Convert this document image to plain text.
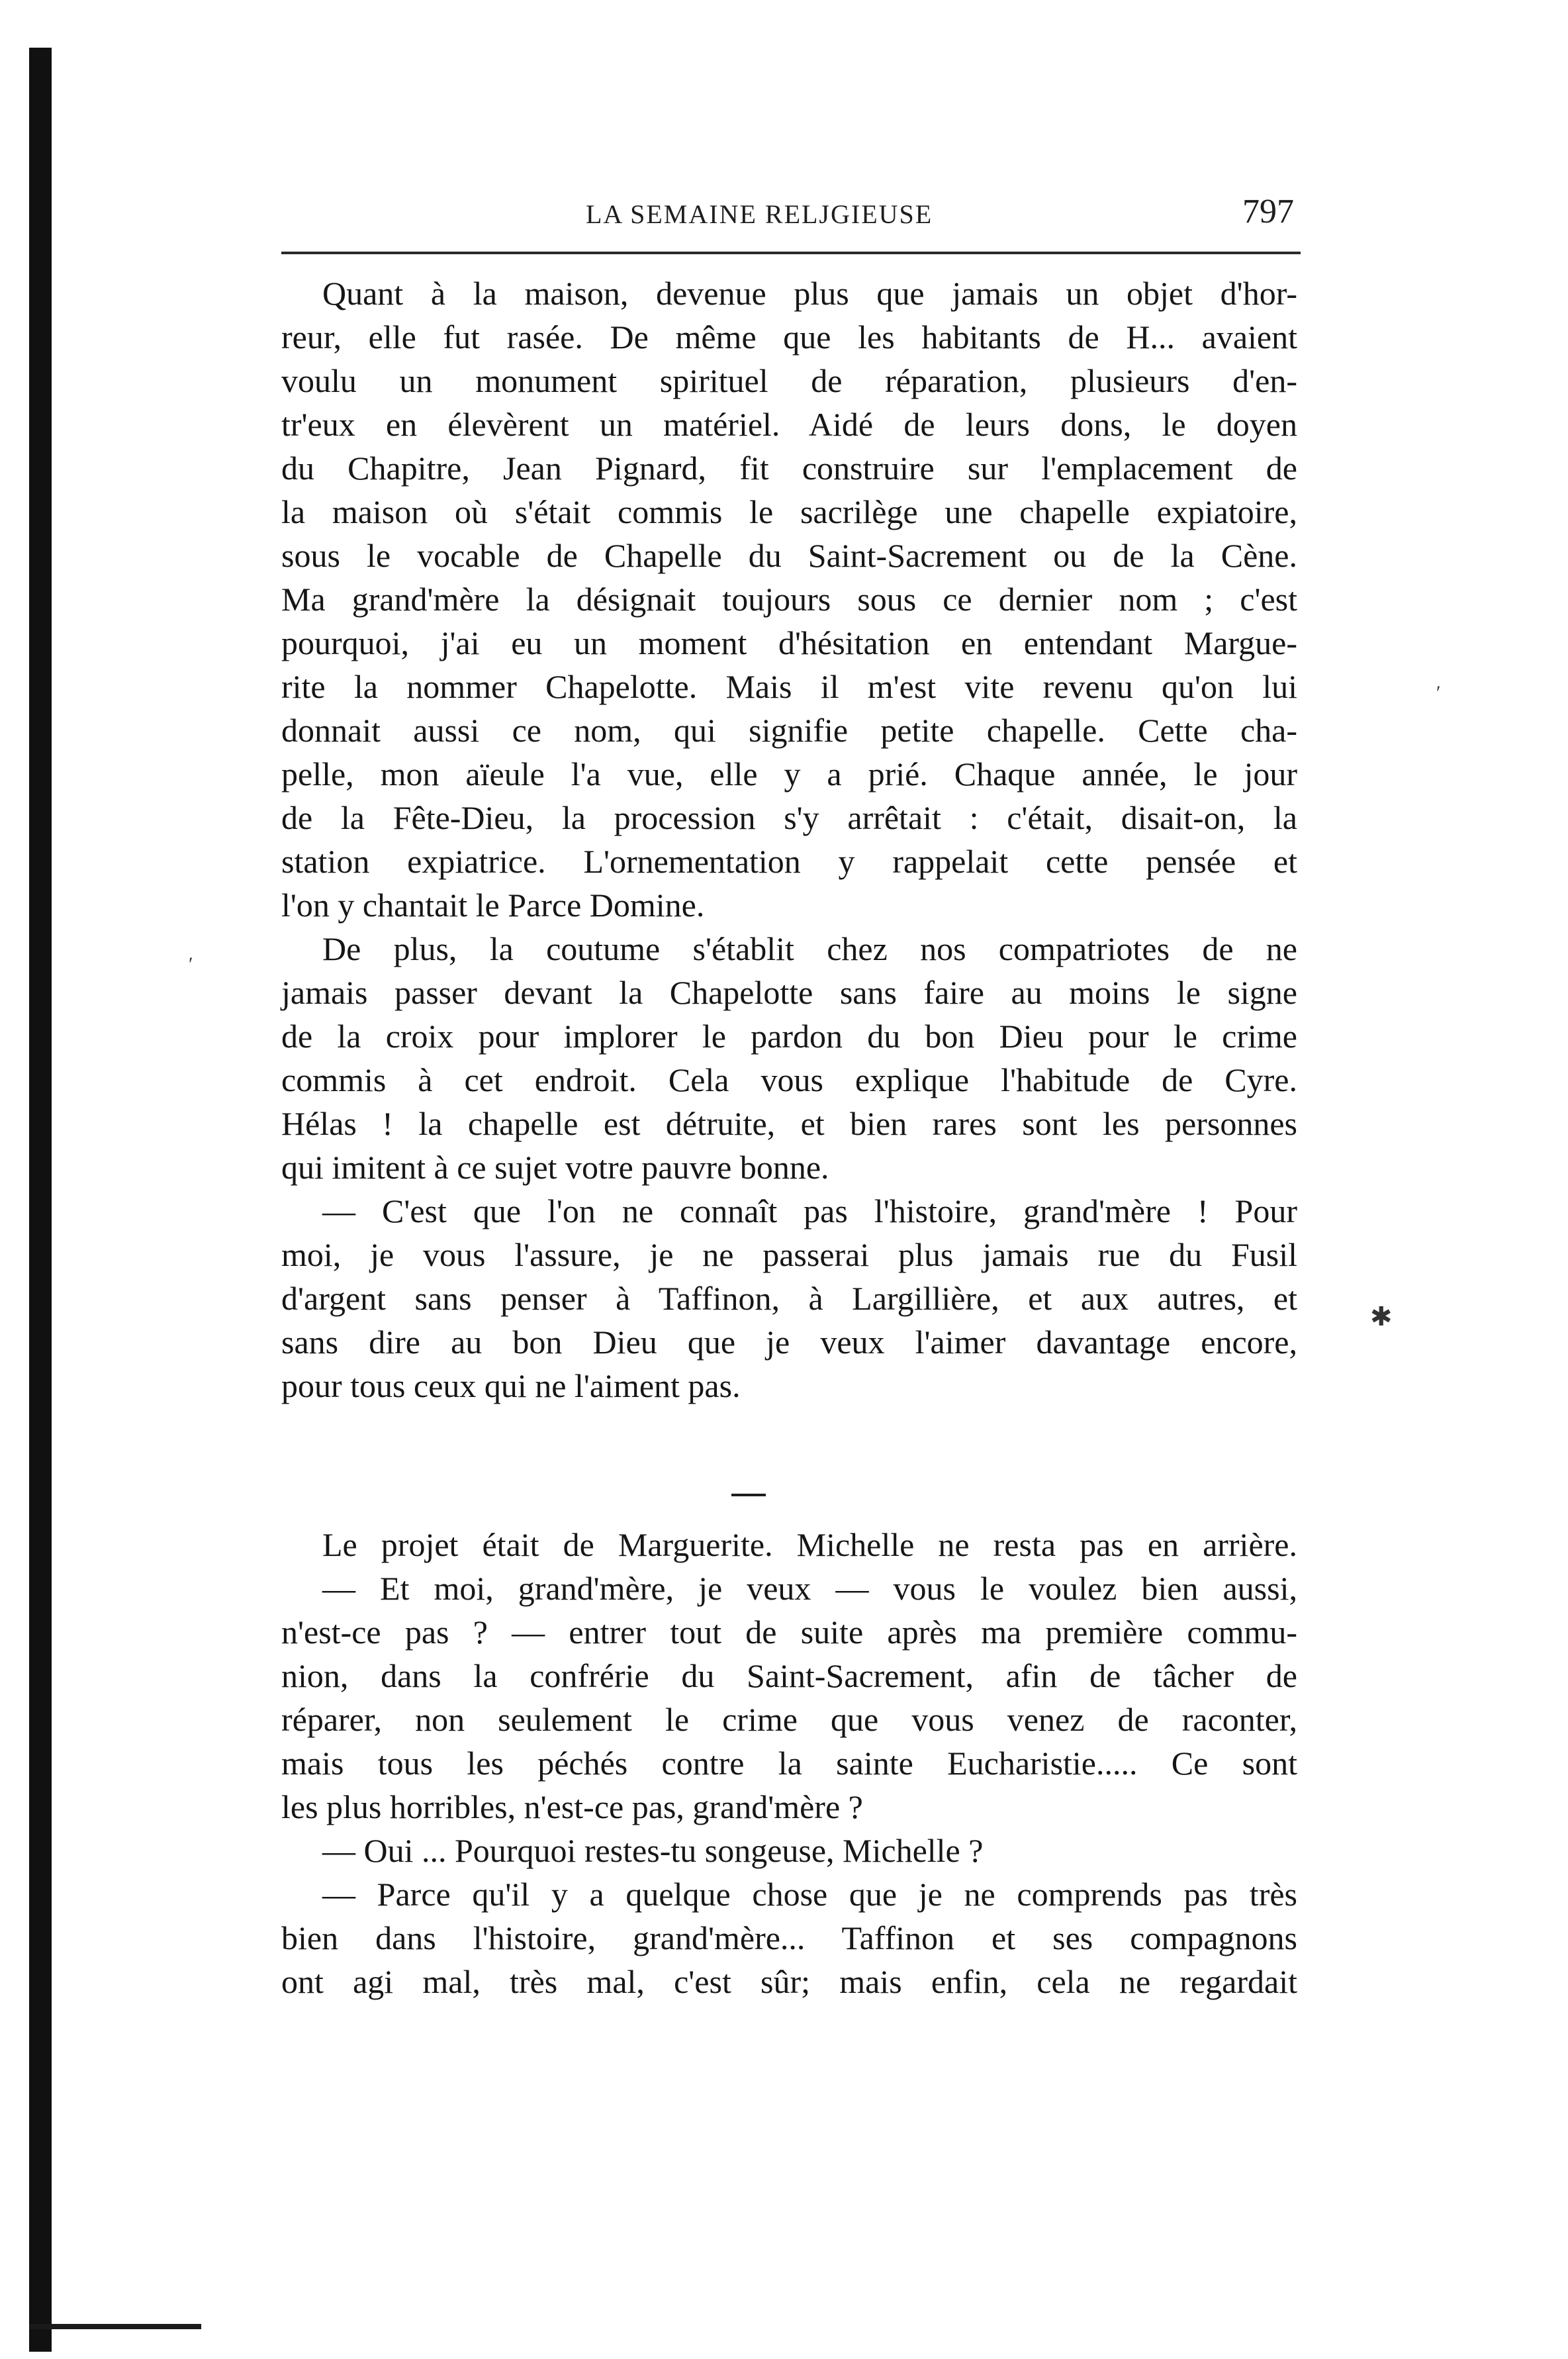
LA SEMAINE RELJGIEUSE	797
Quant à la maison, devenue plus que jamais un objet d'hor-
reur, elle fut rasée. De même que les habitants de H... avaient
voulu un monument spirituel de réparation, plusieurs d'en-
tr'eux en élevèrent un matériel. Aidé de leurs dons, le doyen
du Chapitre, Jean Pignard, fit construire sur l'emplacement de
la maison où s'était commis le sacrilège une chapelle expiatoire,
sous le vocable de Chapelle du Saint-Sacrement ou de la Cène.
Ma grand'mère la désignait toujours sous ce dernier nom ; c'est
pourquoi, j'ai eu un moment d'hésitation en entendant Margue-
rite la nommer Chapelotte. Mais il m'est vite revenu qu'on lui
donnait aussi ce nom, qui signifie petite chapelle. Cette cha-
pelle, mon aïeule l'a vue, elle y a prié. Chaque année, le jour
de la Fête-Dieu, la procession s'y arrêtait : c'était, disait-on, la
station expiatrice. L'ornementation y rappelait cette pensée et
l'on y chantait le Parce Domine.
De plus, la coutume s'établit chez nos compatriotes de ne
jamais passer devant la Chapelotte sans faire au moins le signe
de la croix pour implorer le pardon du bon Dieu pour le crime
commis à cet endroit. Cela vous explique l'habitude de Cyre.
Hélas ! la chapelle est détruite, et bien rares sont les personnes
qui imitent à ce sujet votre pauvre bonne.
— C'est que l'on ne connaît pas l'histoire, grand'mère ! Pour
moi, je vous l'assure, je ne passerai plus jamais rue du Fusil
d'argent sans penser à Taffinon, à Largillière, et aux autres, et
sans dire au bon Dieu que je veux l'aimer davantage encore,
pour tous ceux qui ne l'aiment pas.
Le projet était de Marguerite. Michelle ne resta pas en arrière.
— Et moi, grand'mère, je veux — vous le voulez bien aussi,
n'est-ce pas ? — entrer tout de suite après ma première commu-
nion, dans la confrérie du Saint-Sacrement, afin de tâcher de
réparer, non seulement le crime que vous venez de raconter,
mais tous les péchés contre la sainte Eucharistie..... Ce sont
les plus horribles, n'est-ce pas, grand'mère ?
— Oui ... Pourquoi restes-tu songeuse, Michelle ?
— Parce qu'il y a quelque chose que je ne comprends pas très
bien dans l'histoire, grand'mère... Taffinon et ses compagnons
ont agi mal, très mal, c'est sûr; mais enfin, cela ne regardait
✱
ʹ
ʹ
